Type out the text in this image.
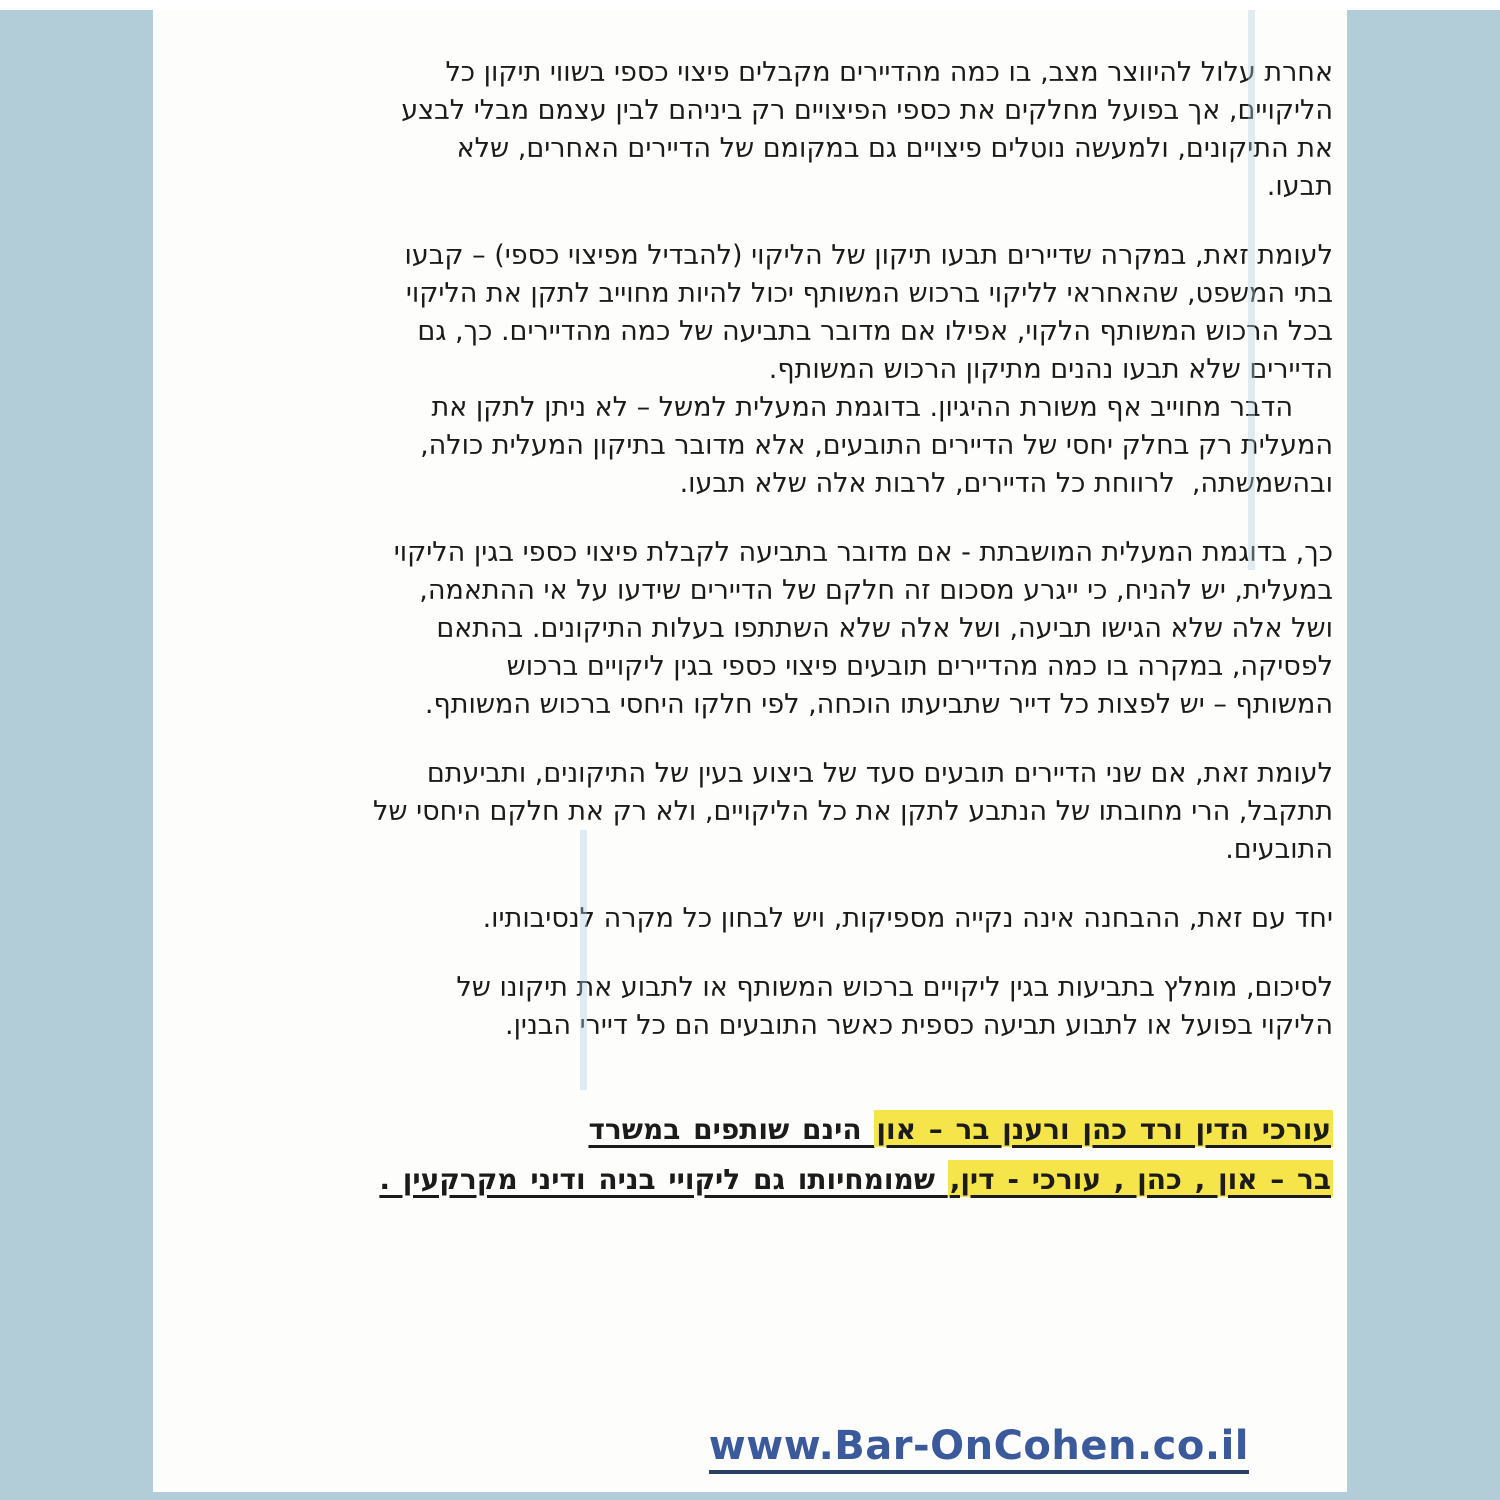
אחרת עלול להיווצר מצב, בו כמה מהדיירים מקבלים פיצוי כספי בשווי תיקון כל
הליקויים, אך בפועל מחלקים את כספי הפיצויים רק ביניהם לבין עצמם מבלי לבצע
את התיקונים, ולמעשה נוטלים פיצויים גם במקומם של הדיירים האחרים, שלא
תבעו.
לעומת זאת, במקרה שדיירים תבעו תיקון של הליקוי (להבדיל מפיצוי כספי) – קבעו
בתי המשפט, שהאחראי לליקוי ברכוש המשותף יכול להיות מחוייב לתקן את הליקוי
בכל הרכוש המשותף הלקוי, אפילו אם מדובר בתביעה של כמה מהדיירים. כך, גם
הדיירים שלא תבעו נהנים מתיקון הרכוש המשותף.
הדבר מחוייב אף משורת ההיגיון. בדוגמת המעלית למשל – לא ניתן לתקן את
המעלית רק בחלק יחסי של הדיירים התובעים, אלא מדובר בתיקון המעלית כולה,
ובהשמשתה,  לרווחת כל הדיירים, לרבות אלה שלא תבעו.
כך, בדוגמת המעלית המושבתת - אם מדובר בתביעה לקבלת פיצוי כספי בגין הליקוי
במעלית, יש להניח, כי ייגרע מסכום זה חלקם של הדיירים שידעו על אי ההתאמה,
ושל אלה שלא הגישו תביעה, ושל אלה שלא השתתפו בעלות התיקונים. בהתאם
לפסיקה, במקרה בו כמה מהדיירים תובעים פיצוי כספי בגין ליקויים ברכוש
המשותף – יש לפצות כל דייר שתביעתו הוכחה, לפי חלקו היחסי ברכוש המשותף.
לעומת זאת, אם שני הדיירים תובעים סעד של ביצוע בעין של התיקונים, ותביעתם
תתקבל, הרי מחובתו של הנתבע לתקן את כל הליקויים, ולא רק את חלקם היחסי של
התובעים.
יחד עם זאת, ההבחנה אינה נקייה מספיקות, ויש לבחון כל מקרה לנסיבותיו.
לסיכום, מומלץ בתביעות בגין ליקויים ברכוש המשותף או לתבוע את תיקונו של
הליקוי בפועל או לתבוע תביעה כספית כאשר התובעים הם כל דיירי הבנין.
עורכי הדין ורד כהן ורענן בר – און הינם שותפים במשרד
בר – און , כהן , עורכי - דין, שמומחיותו גם ליקויי בניה ודיני מקרקעין .
www.Bar-OnCohen.co.il
